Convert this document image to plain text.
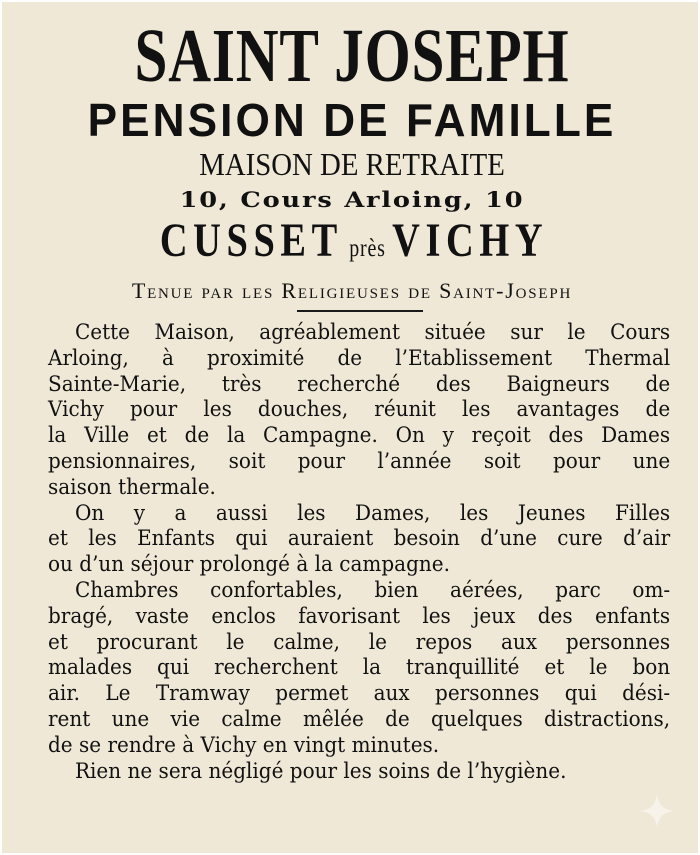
SAINT JOSEPH
PENSION DE FAMILLE
MAISON DE RETRAITE
10, Cours Arloing, 10
CUSSET près VICHY
Tenue par les Religieuses de Saint-Joseph
Cette Maison, agréablement située sur le Cours
Arloing, à proximité de l’Etablissement Thermal
Sainte-Marie, très recherché des Baigneurs de
Vichy pour les douches, réunit les avantages de
la Ville et de la Campagne. On y reçoit des Dames
pensionnaires, soit pour l’année soit pour une
saison thermale.
On y a aussi les Dames, les Jeunes Filles
et les Enfants qui auraient besoin d’une cure d’air
ou d’un séjour prolongé à la campagne.
Chambres confortables, bien aérées, parc om-
bragé, vaste enclos favorisant les jeux des enfants
et procurant le calme, le repos aux personnes
malades qui recherchent la tranquillité et le bon
air. Le Tramway permet aux personnes qui dési-
rent une vie calme mêlée de quelques distractions,
de se rendre à Vichy en vingt minutes.
Rien ne sera négligé pour les soins de l’hygiène.
